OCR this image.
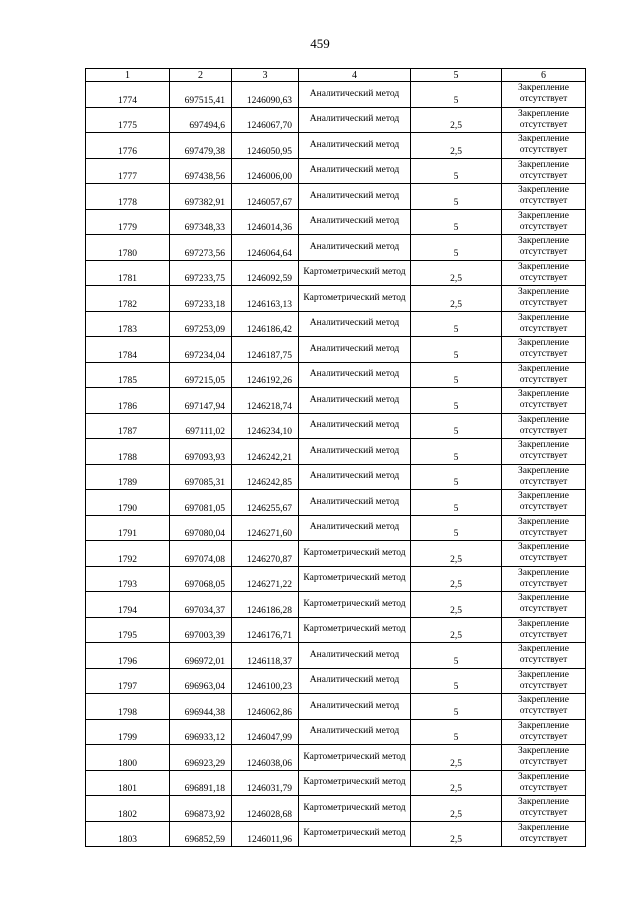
459
1	2	3	4	5	6
1774	697515,41	1246090,63	Аналитический метод	5	Закрепление отсутствует
1775	697494,6	1246067,70	Аналитический метод	2,5	Закрепление отсутствует
1776	697479,38	1246050,95	Аналитический метод	2,5	Закрепление отсутствует
1777	697438,56	1246006,00	Аналитический метод	5	Закрепление отсутствует
1778	697382,91	1246057,67	Аналитический метод	5	Закрепление отсутствует
1779	697348,33	1246014,36	Аналитический метод	5	Закрепление отсутствует
1780	697273,56	1246064,64	Аналитический метод	5	Закрепление отсутствует
1781	697233,75	1246092,59	Картометрический метод	2,5	Закрепление отсутствует
1782	697233,18	1246163,13	Картометрический метод	2,5	Закрепление отсутствует
1783	697253,09	1246186,42	Аналитический метод	5	Закрепление отсутствует
1784	697234,04	1246187,75	Аналитический метод	5	Закрепление отсутствует
1785	697215,05	1246192,26	Аналитический метод	5	Закрепление отсутствует
1786	697147,94	1246218,74	Аналитический метод	5	Закрепление отсутствует
1787	697111,02	1246234,10	Аналитический метод	5	Закрепление отсутствует
1788	697093,93	1246242,21	Аналитический метод	5	Закрепление отсутствует
1789	697085,31	1246242,85	Аналитический метод	5	Закрепление отсутствует
1790	697081,05	1246255,67	Аналитический метод	5	Закрепление отсутствует
1791	697080,04	1246271,60	Аналитический метод	5	Закрепление отсутствует
1792	697074,08	1246270,87	Картометрический метод	2,5	Закрепление отсутствует
1793	697068,05	1246271,22	Картометрический метод	2,5	Закрепление отсутствует
1794	697034,37	1246186,28	Картометрический метод	2,5	Закрепление отсутствует
1795	697003,39	1246176,71	Картометрический метод	2,5	Закрепление отсутствует
1796	696972,01	1246118,37	Аналитический метод	5	Закрепление отсутствует
1797	696963,04	1246100,23	Аналитический метод	5	Закрепление отсутствует
1798	696944,38	1246062,86	Аналитический метод	5	Закрепление отсутствует
1799	696933,12	1246047,99	Аналитический метод	5	Закрепление отсутствует
1800	696923,29	1246038,06	Картометрический метод	2,5	Закрепление отсутствует
1801	696891,18	1246031,79	Картометрический метод	2,5	Закрепление отсутствует
1802	696873,92	1246028,68	Картометрический метод	2,5	Закрепление отсутствует
1803	696852,59	1246011,96	Картометрический метод	2,5	Закрепление отсутствует
